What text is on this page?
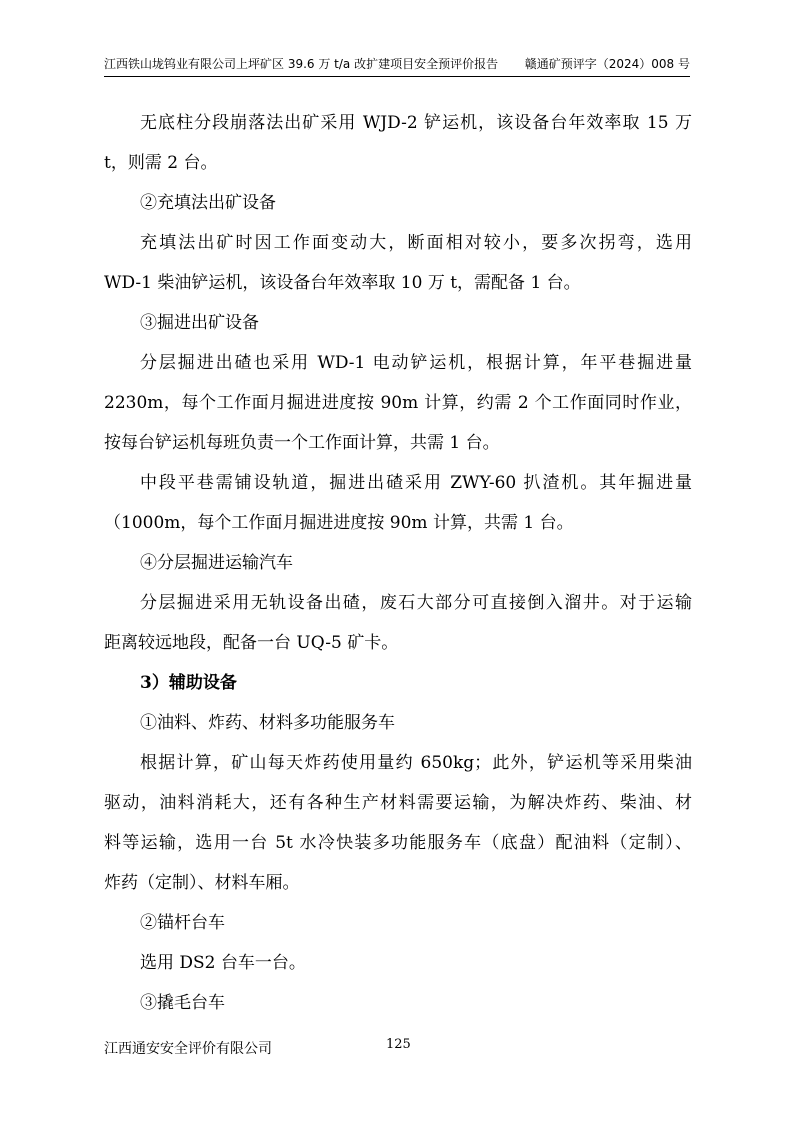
江西铁山垅钨业有限公司上坪矿区 39.6 万 t/a 改扩建项目安全预评价报告 赣通矿预评字（2024）008 号
无底柱分段崩落法出矿采用 WJD-2 铲运机，该设备台年效率取 15 万
t，则需 2 台。
②充填法出矿设备
充填法出矿时因工作面变动大，断面相对较小，要多次拐弯，选用
WD-1 柴油铲运机，该设备台年效率取 10 万 t，需配备 1 台。
③掘进出矿设备
分层掘进出碴也采用 WD-1 电动铲运机，根据计算，年平巷掘进量
2230m，每个工作面月掘进进度按 90m 计算，约需 2 个工作面同时作业，
按每台铲运机每班负责一个工作面计算，共需 1 台。
中段平巷需铺设轨道，掘进出碴采用 ZWY-60 扒渣机。其年掘进量
（1000m，每个工作面月掘进进度按 90m 计算，共需 1 台。
④分层掘进运输汽车
分层掘进采用无轨设备出碴，废石大部分可直接倒入溜井。对于运输
距离较远地段，配备一台 UQ-5 矿卡。
3）辅助设备
①油料、炸药、材料多功能服务车
根据计算，矿山每天炸药使用量约 650kg；此外，铲运机等采用柴油
驱动，油料消耗大，还有各种生产材料需要运输，为解决炸药、柴油、材
料等运输，选用一台 5t 水冷快装多功能服务车（底盘）配油料（定制）、
炸药（定制）、材料车厢。
②锚杆台车
选用 DS2 台车一台。
③撬毛台车
江西通安安全评价有限公司	125
